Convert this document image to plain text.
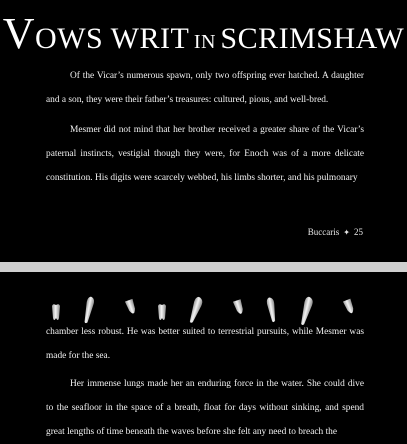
VOWS WRIT IN SCRIMSHAW

Of the Vicar’s numerous spawn, only two offspring ever hatched. A daughter and a son, they were their father’s treasures: cultured, pious, and well-bred.

Mesmer did not mind that her brother received a greater share of the Vicar’s paternal instincts, vestigial though they were, for Enoch was of a more delicate constitution. His digits were scarcely webbed, his limbs shorter, and his pulmonary

Buccaris ✦ 25

chamber less robust. He was better suited to terrestrial pursuits, while Mesmer was made for the sea.

Her immense lungs made her an enduring force in the water. She could dive to the seafloor in the space of a breath, float for days without sinking, and spend great lengths of time beneath the waves before she felt any need to breach the
